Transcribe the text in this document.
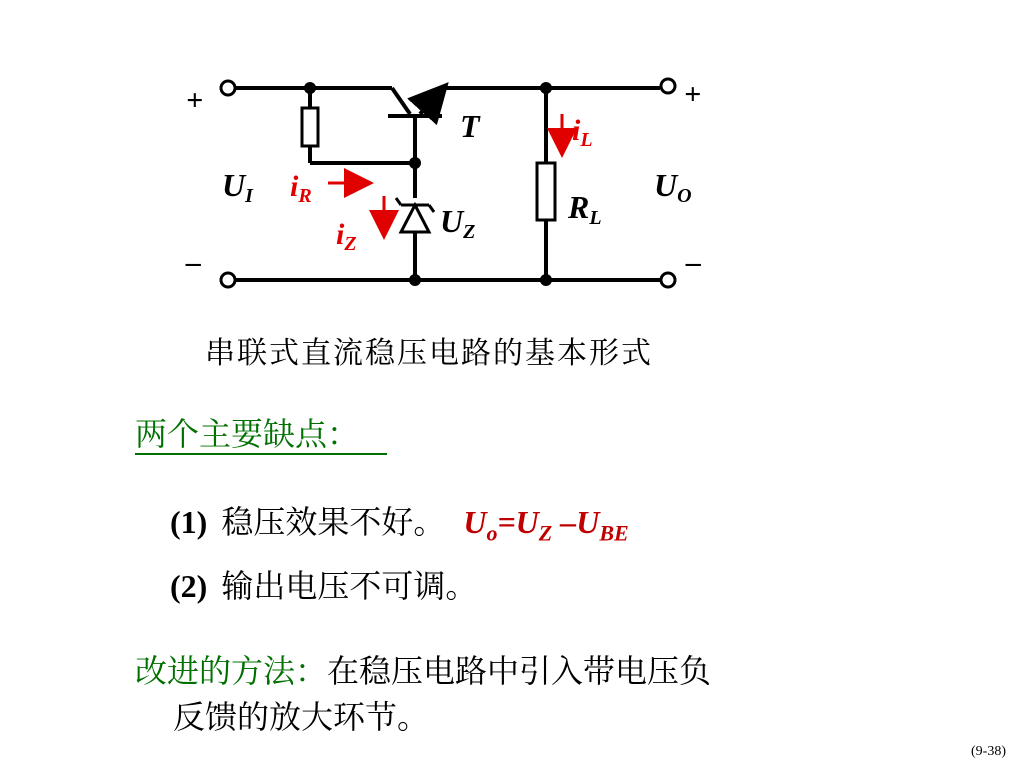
+	+
–	–
UI	UO
T
$i_R$
$i_Z$
$i_L$
UZ
RL
串联式直流稳压电路的基本形式
两个主要缺点：
(1) 稳压效果不好。 $U_o=U_Z$ $-U_{BE}$
(2) 输出电压不可调。
改进的方法：在稳压电路中引入带电压负
反馈的放大环节。
(9-38)
